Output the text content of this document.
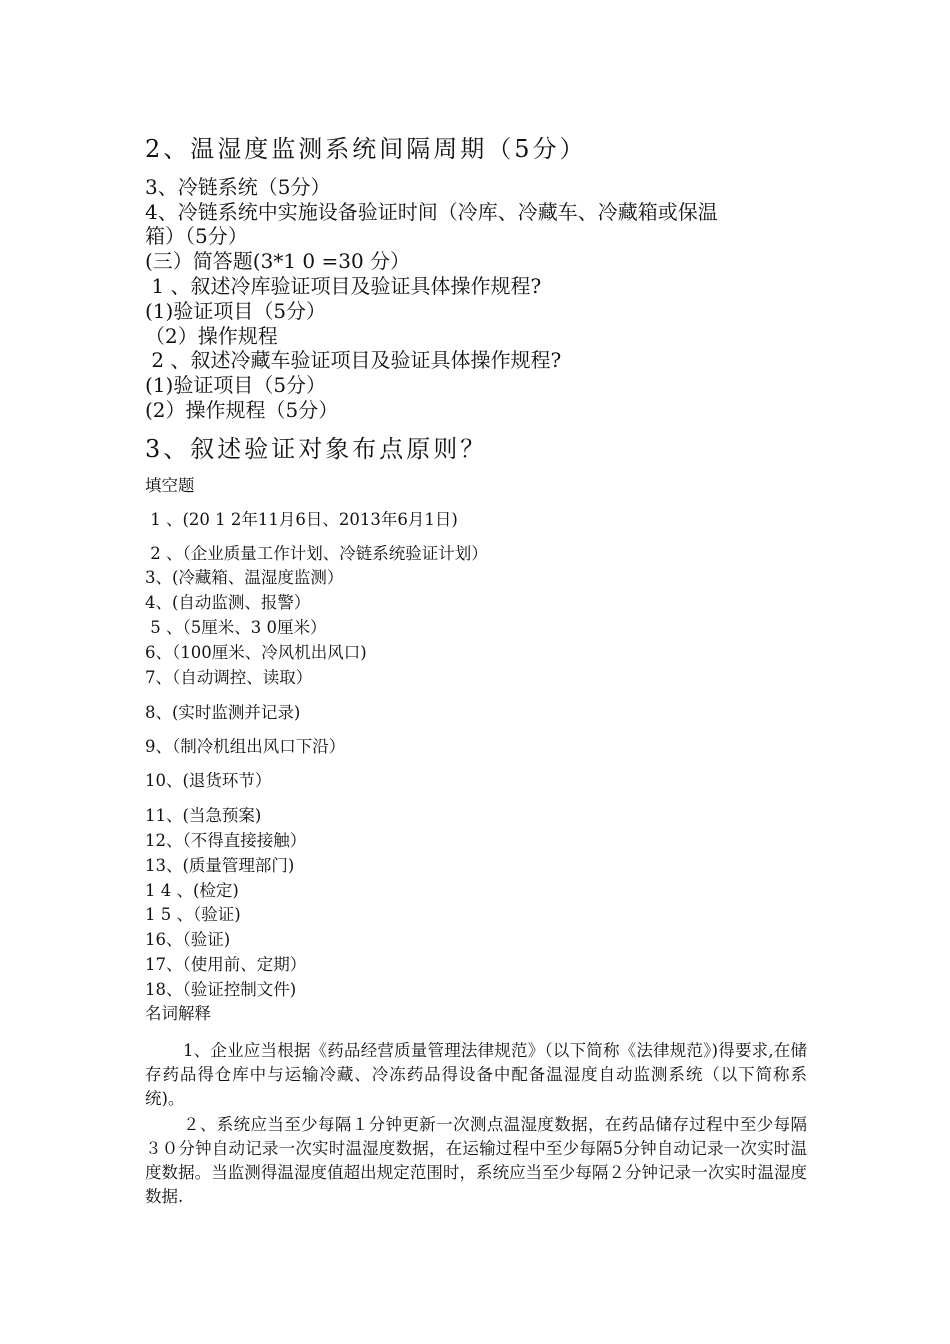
2、温湿度监测系统间隔周期（5分）
3、冷链系统（5分）
4、冷链系统中实施设备验证时间（冷库、冷藏车、冷藏箱或保温
箱）（5分）
(三）简答题(3*1 0 =30 分）
1 、叙述冷库验证项目及验证具体操作规程?
(1)验证项目（5分）
（2）操作规程
2 、叙述冷藏车验证项目及验证具体操作规程?
(1)验证项目（5分）
(2）操作规程（5分）
3、叙述验证对象布点原则？
填空题
1 、(20 1 2年11月6日、2013年6月1日)
2 、（企业质量工作计划、冷链系统验证计划）
3、(冷藏箱、温湿度监测）
4、(自动监测、报警）
5 、（5厘米、3 0厘米）
6、（100厘米、冷风机出风口)
7、（自动调控、读取）
8、(实时监测并记录)
9、（制冷机组出风口下沿）
10、(退货环节）
11、(当急预案)
12、（不得直接接触）
13、(质量管理部门)
1 4 、(检定)
1 5 、（验证)
16、（验证)
17、（使用前、定期）
18、（验证控制文件)
名词解释
1、企业应当根据《药品经营质量管理法律规范》（以下简称《法律规范》)得要求,在储存药品得仓库中与运输冷藏、冷冻药品得设备中配备温湿度自动监测系统（以下简称系统)。
２、系统应当至少每隔１分钟更新一次测点温湿度数据，在药品储存过程中至少每隔３０分钟自动记录一次实时温湿度数据，在运输过程中至少每隔5分钟自动记录一次实时温度数据。当监测得温湿度值超出规定范围时，系统应当至少每隔２分钟记录一次实时温湿度数据.
